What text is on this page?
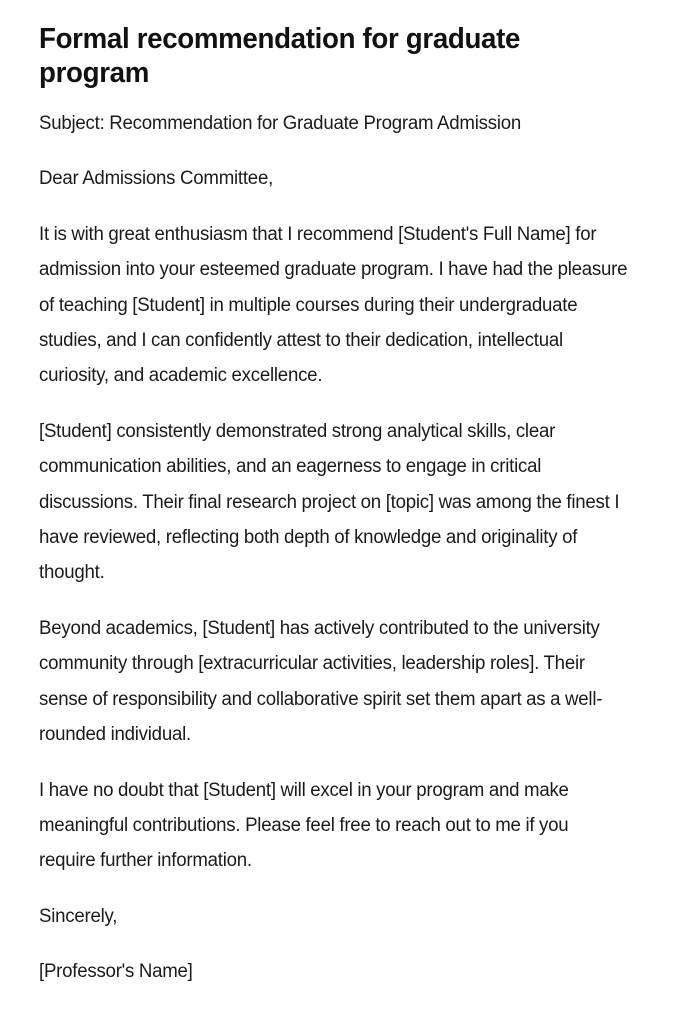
Formal recommendation for graduate program

Subject: Recommendation for Graduate Program Admission

Dear Admissions Committee,

It is with great enthusiasm that I recommend [Student's Full Name] for admission into your esteemed graduate program. I have had the pleasure of teaching [Student] in multiple courses during their undergraduate studies, and I can confidently attest to their dedication, intellectual curiosity, and academic excellence.

[Student] consistently demonstrated strong analytical skills, clear communication abilities, and an eagerness to engage in critical discussions. Their final research project on [topic] was among the finest I have reviewed, reflecting both depth of knowledge and originality of thought.

Beyond academics, [Student] has actively contributed to the university community through [extracurricular activities, leadership roles]. Their sense of responsibility and collaborative spirit set them apart as a well-rounded individual.

I have no doubt that [Student] will excel in your program and make meaningful contributions. Please feel free to reach out to me if you require further information.

Sincerely,

[Professor's Name]
